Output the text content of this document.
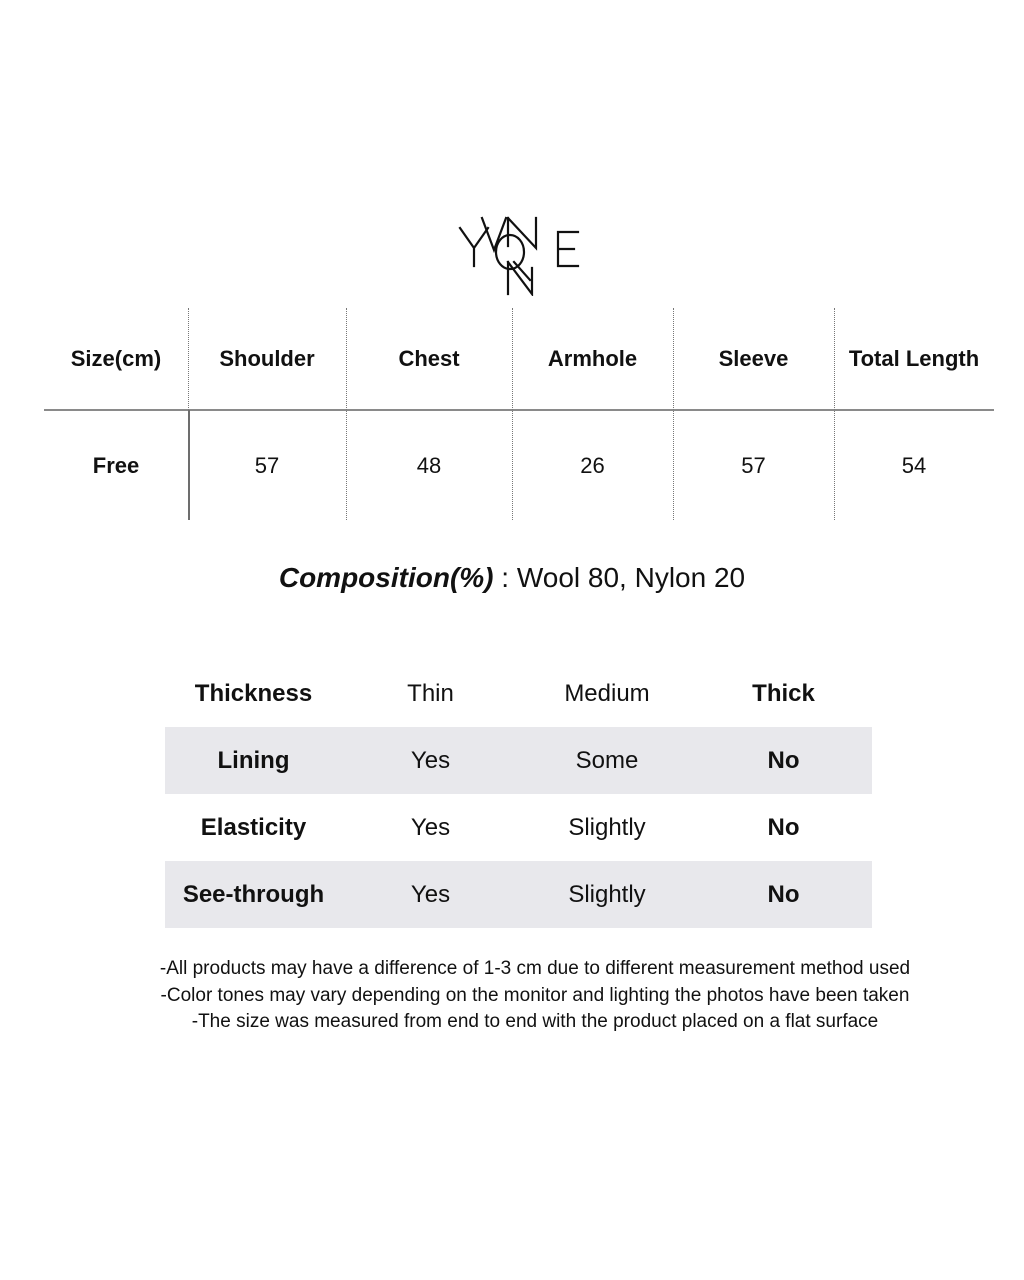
Size(cm)	Shoulder	Chest	Armhole	Sleeve	Total Length
Free	57	48	26	57	54
Composition(%) : Wool 80, Nylon 20
Thickness	Thin	Medium	Thick
Lining	Yes	Some	No
Elasticity	Yes	Slightly	No
See-through	Yes	Slightly	No
-All products may have a difference of 1-3 cm due to different measurement method used
-Color tones may vary depending on the monitor and lighting the photos have been taken
-The size was measured from end to end with the product placed on a flat surface
